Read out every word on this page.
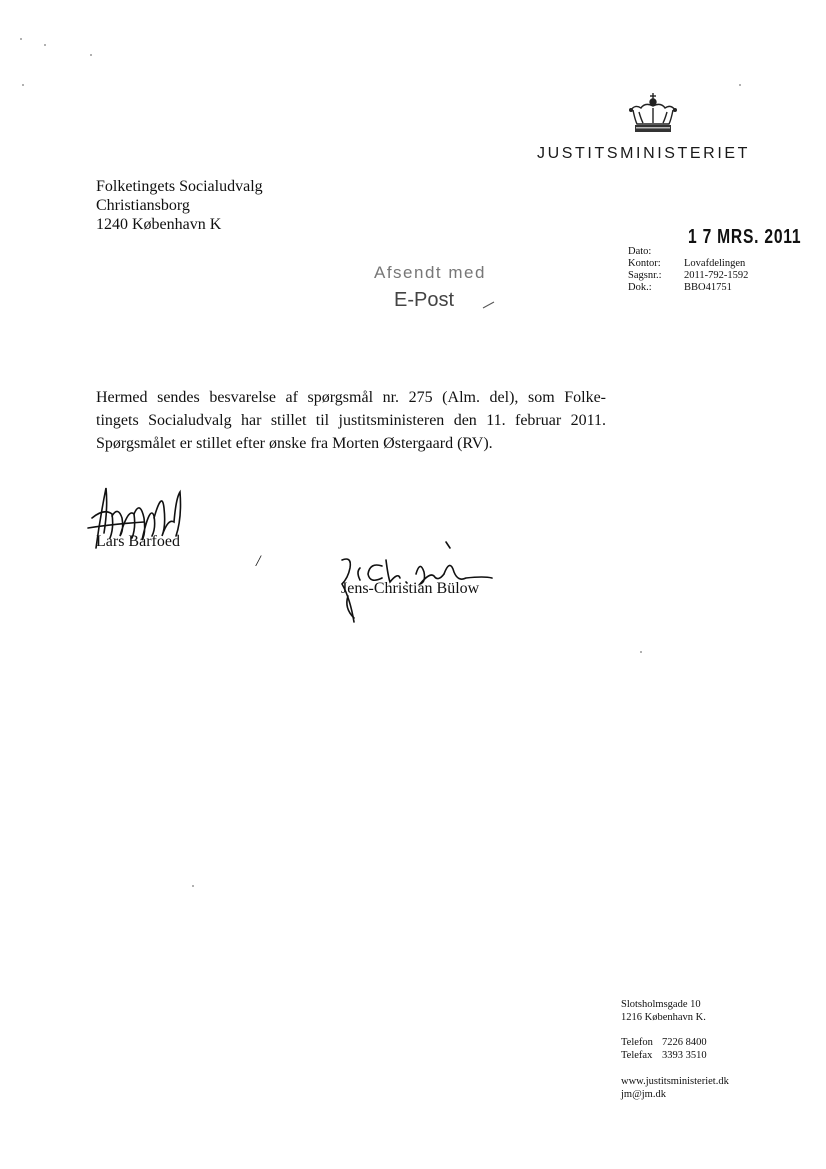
Folketingets Socialudvalg
Christiansborg
1240 København K
JUSTITSMINISTERIET
1 7 MRS. 2011
Dato:
Kontor: Lovafdelingen
Sagsnr.: 2011-792-1592
Dok.:	BBO41751
Afsendt med
E-Post
Hermed sendes besvarelse af spørgsmål nr. 275 (Alm. del), som Folke-
tingets Socialudvalg har stillet til justitsministeren den 11. februar 2011.
Spørgsmålet er stillet efter ønske fra Morten Østergaard (RV).
Lars Barfoed
/
Jens-Christian Bülow
Slotsholmsgade 10
1216 København K.
Telefon 7226 8400
Telefax 3393 3510
www.justitsministeriet.dk
jm@jm.dk
